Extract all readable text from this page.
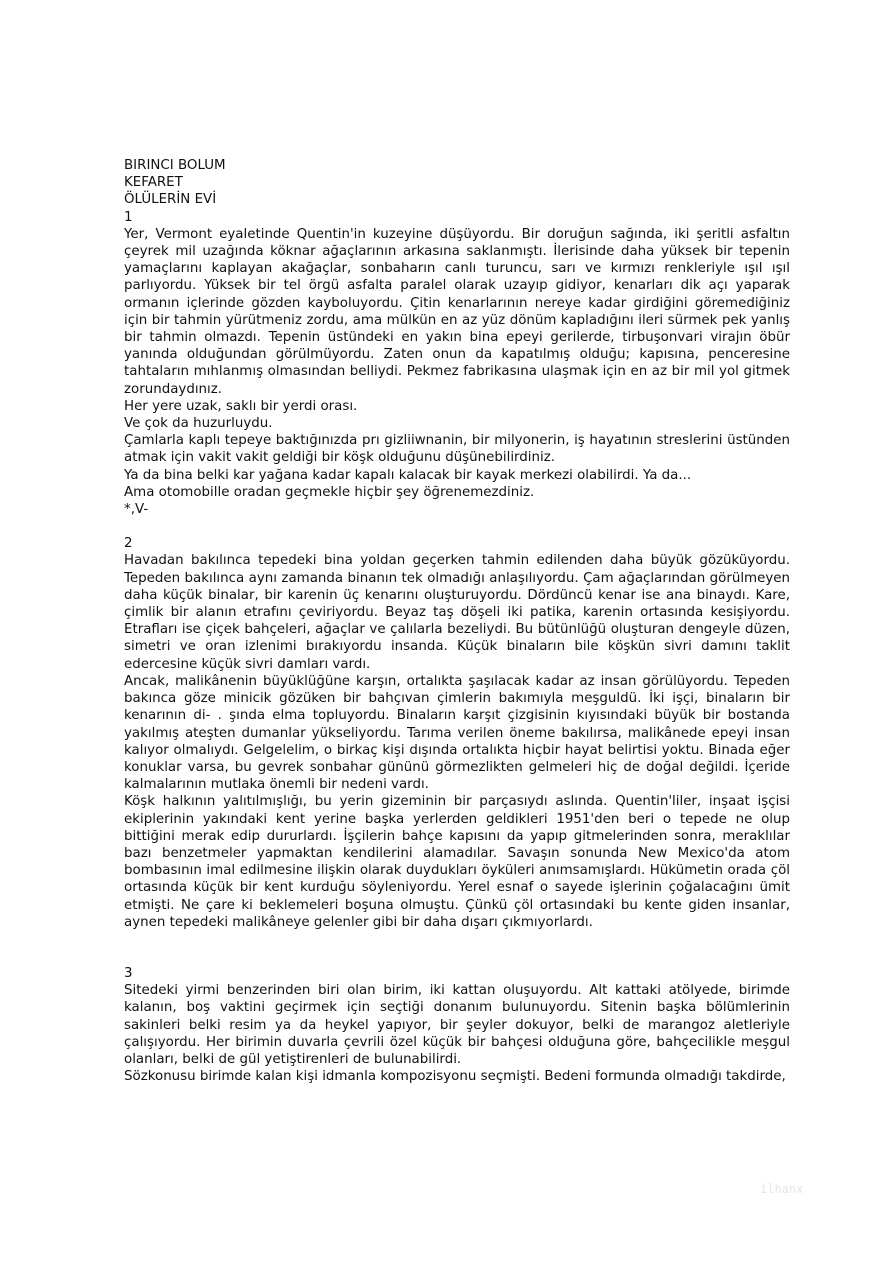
BIRINCI BOLUM
KEFARET
ÖLÜLERİN EVİ
1

Yer, Vermont eyaletinde Quentin'in kuzeyine düşüyordu. Bir doruğun sağında, iki şeritli asfaltın çeyrek mil uzağında köknar ağaçlarının arkasına saklanmıştı. İlerisinde daha yüksek bir tepenin yamaçlarını kaplayan akağaçlar, sonbaharın canlı turuncu, sarı ve kırmızı renkleriyle ışıl ışıl parlıyordu. Yüksek bir tel örgü asfalta paralel olarak uzayıp gidiyor, kenarları dik açı yaparak ormanın içlerinde gözden kayboluyordu. Çitin kenarlarının nereye kadar girdiğini göremediğiniz için bir tahmin yürütmeniz zordu, ama mülkün en az yüz dönüm kapladığını ileri sürmek pek yanlış bir tahmin olmazdı. Tepenin üstündeki en yakın bina epeyi gerilerde, tirbuşonvari virajın öbür yanında olduğundan görülmüyordu. Zaten onun da kapatılmış olduğu; kapısına, penceresine tahtaların mıhlanmış olmasından belliydi. Pekmez fabrikasına ulaşmak için en az bir mil yol gitmek zorundaydınız.

Her yere uzak, saklı bir yerdi orası.

Ve çok da huzurluydu.

Çamlarla kaplı tepeye baktığınızda prı gizliiwnanin, bir milyonerin, iş hayatının streslerini üstünden atmak için vakit vakit geldiği bir köşk olduğunu düşünebilirdiniz.

Ya da bina belki kar yağana kadar kapalı kalacak bir kayak merkezi olabilirdi. Ya da...

Ama otomobille oradan geçmekle hiçbir şey öğrenemezdiniz.

*,V-

2

Havadan bakılınca tepedeki bina yoldan geçerken tahmin edilenden daha büyük gözüküyordu. Tepeden bakılınca aynı zamanda binanın tek olmadığı anlaşılıyordu. Çam ağaçlarından görülmeyen daha küçük binalar, bir karenin üç kenarını oluşturuyordu. Dördüncü kenar ise ana binaydı. Kare, çimlik bir alanın etrafını çeviriyordu. Beyaz taş döşeli iki patika, karenin ortasında kesişiyordu. Etrafları ise çiçek bahçeleri, ağaçlar ve çalılarla bezeliydi. Bu bütünlüğü oluşturan dengeyle düzen, simetri ve oran izlenimi bırakıyordu insanda. Küçük binaların bile köşkün sivri damını taklit edercesine küçük sivri damları vardı.

Ancak, malikânenin büyüklüğüne karşın, ortalıkta şaşılacak kadar az insan görülüyordu. Tepeden bakınca göze minicik gözüken bir bahçıvan çimlerin bakımıyla meşguldü. İki işçi, binaların bir kenarının di- . şında elma topluyordu. Binaların karşıt çizgisinin kıyısındaki büyük bir bostanda yakılmış ateşten dumanlar yükseliyordu. Tarıma verilen öneme bakılırsa, malikânede epeyi insan kalıyor olmalıydı. Gelgelelim, o birkaç kişi dışında ortalıkta hiçbir hayat belirtisi yoktu. Binada eğer konuklar varsa, bu gevrek sonbahar gününü görmezlikten gelmeleri hiç de doğal değildi. İçeride kalmalarının mutlaka önemli bir nedeni vardı.

Köşk halkının yalıtılmışlığı, bu yerin gizeminin bir parçasıydı aslında. Quentin'liler, inşaat işçisi ekiplerinin yakındaki kent yerine başka yerlerden geldikleri 1951'den beri o tepede ne olup bittiğini merak edip dururlardı. İşçilerin bahçe kapısını da yapıp gitmelerinden sonra, meraklılar bazı benzetmeler yapmaktan kendilerini alamadılar. Savaşın sonunda New Mexico'da atom bombasının imal edilmesine ilişkin olarak duydukları öyküleri anımsamışlardı. Hükümetin orada çöl ortasında küçük bir kent kurduğu söyleniyordu. Yerel esnaf o sayede işlerinin çoğalacağını ümit etmişti. Ne çare ki beklemeleri boşuna olmuştu. Çünkü çöl ortasındaki bu kente giden insanlar, aynen tepedeki malikâneye gelenler gibi bir daha dışarı çıkmıyorlardı.

3

Sitedeki yirmi benzerinden biri olan birim, iki kattan oluşuyordu. Alt kattaki atölyede, birimde kalanın, boş vaktini geçirmek için seçtiği donanım bulunuyordu. Sitenin başka bölümlerinin sakinleri belki resim ya da heykel yapıyor, bir şeyler dokuyor, belki de marangoz aletleriyle çalışıyordu. Her birimin duvarla çevrili özel küçük bir bahçesi olduğuna göre, bahçecilikle meşgul olanları, belki de gül yetiştirenleri de bulunabilirdi.

Sözkonusu birimde kalan kişi idmanla kompozisyonu seçmişti. Bedeni formunda olmadığı takdirde,

ilhanx
